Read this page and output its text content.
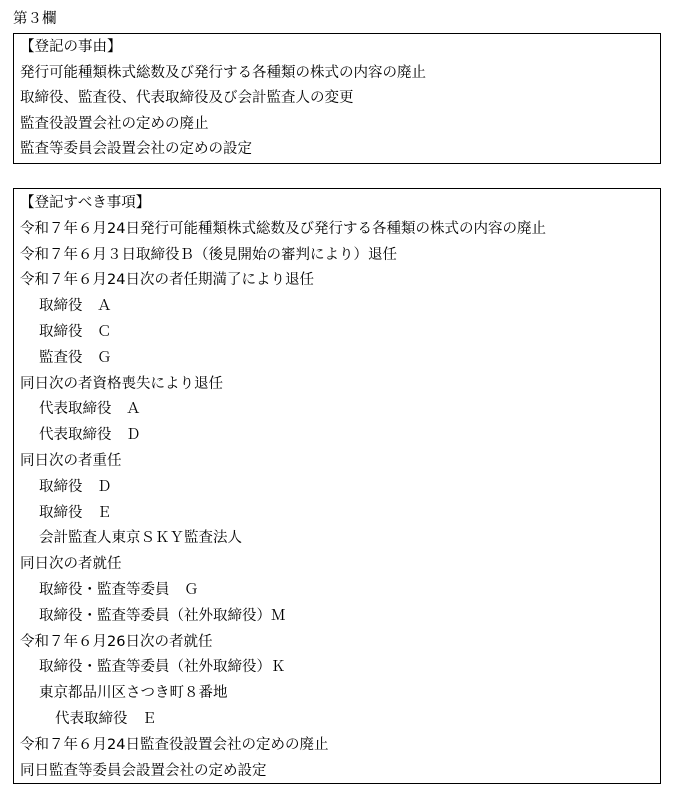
第３欄
【登記の事由】
発行可能種類株式総数及び発行する各種類の株式の内容の廃止
取締役、監査役、代表取締役及び会計監査人の変更
監査役設置会社の定めの廃止
監査等委員会設置会社の定めの設定
【登記すべき事項】
令和７年６月24日発行可能種類株式総数及び発行する各種類の株式の内容の廃止
令和７年６月３日取締役Ｂ（後見開始の審判により）退任
令和７年６月24日次の者任期満了により退任
取締役　Ａ
取締役　Ｃ
監査役　Ｇ
同日次の者資格喪失により退任
代表取締役　Ａ
代表取締役　Ｄ
同日次の者重任
取締役　Ｄ
取締役　Ｅ
会計監査人東京ＳＫＹ監査法人
同日次の者就任
取締役・監査等委員　Ｇ
取締役・監査等委員（社外取締役）Ｍ
令和７年６月26日次の者就任
取締役・監査等委員（社外取締役）Ｋ
東京都品川区さつき町８番地
代表取締役　Ｅ
令和７年６月24日監査役設置会社の定めの廃止
同日監査等委員会設置会社の定め設定
